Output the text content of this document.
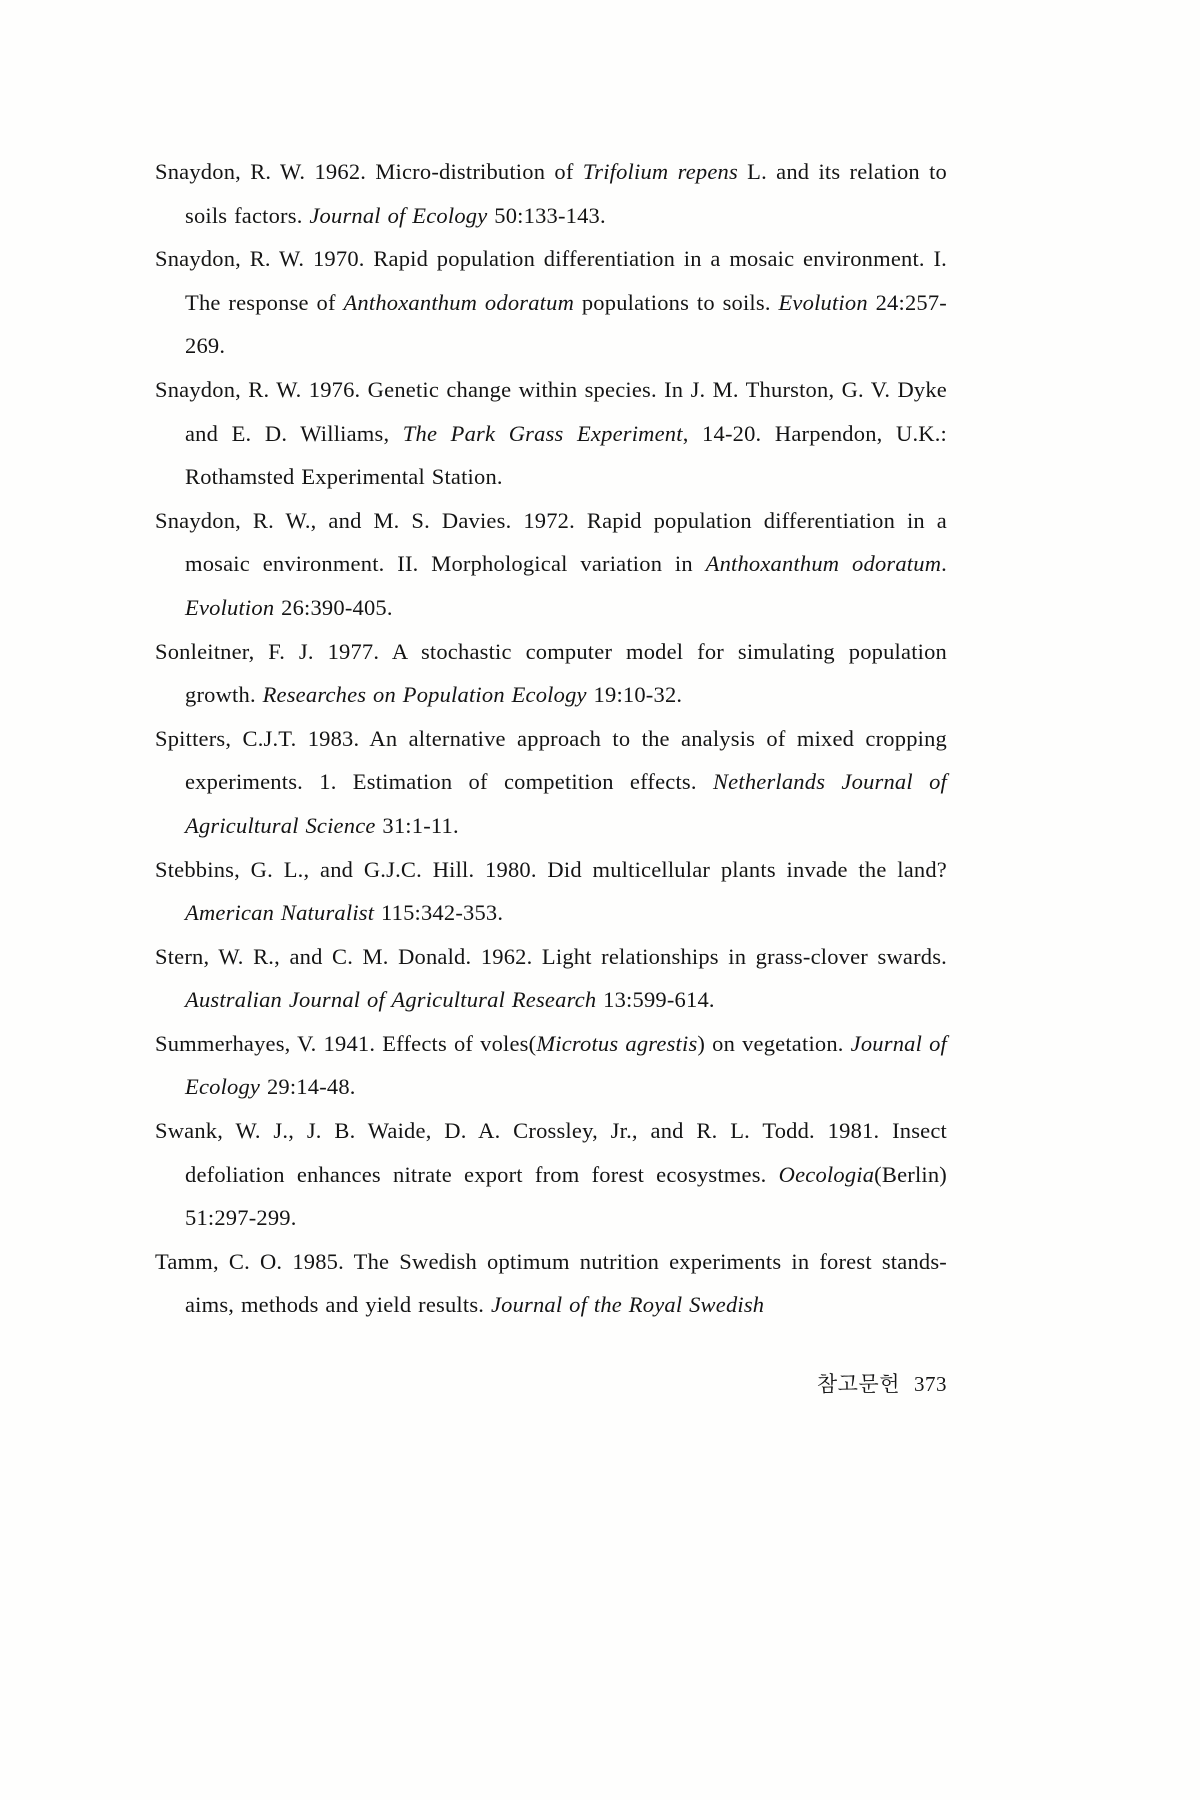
Snaydon, R. W. 1962. Micro-distribution of Trifolium repens L. and its relation to soils factors. Journal of Ecology 50:133-143.

Snaydon, R. W. 1970. Rapid population differentiation in a mosaic environment. I. The response of Anthoxanthum odoratum populations to soils. Evolution 24:257-269.

Snaydon, R. W. 1976. Genetic change within species. In J. M. Thurston, G. V. Dyke and E. D. Williams, The Park Grass Experiment, 14-20. Harpendon, U.K.: Rothamsted Experimental Station.

Snaydon, R. W., and M. S. Davies. 1972. Rapid population differentiation in a mosaic environment. II. Morphological variation in Anthoxanthum odoratum. Evolution 26:390-405.

Sonleitner, F. J. 1977. A stochastic computer model for simulating population growth. Researches on Population Ecology 19:10-32.

Spitters, C.J.T. 1983. An alternative approach to the analysis of mixed cropping experiments. 1. Estimation of competition effects. Netherlands Journal of Agricultural Science 31:1-11.

Stebbins, G. L., and G.J.C. Hill. 1980. Did multicellular plants invade the land? American Naturalist 115:342-353.

Stern, W. R., and C. M. Donald. 1962. Light relationships in grass-clover swards. Australian Journal of Agricultural Research 13:599-614.

Summerhayes, V. 1941. Effects of voles(Microtus agrestis) on vegetation. Journal of Ecology 29:14-48.

Swank, W. J., J. B. Waide, D. A. Crossley, Jr., and R. L. Todd. 1981. Insect defoliation enhances nitrate export from forest ecosystmes. Oecologia(Berlin) 51:297-299.

Tamm, C. O. 1985. The Swedish optimum nutrition experiments in forest stands-aims, methods and yield results. Journal of the Royal Swedish

참고문헌 373
